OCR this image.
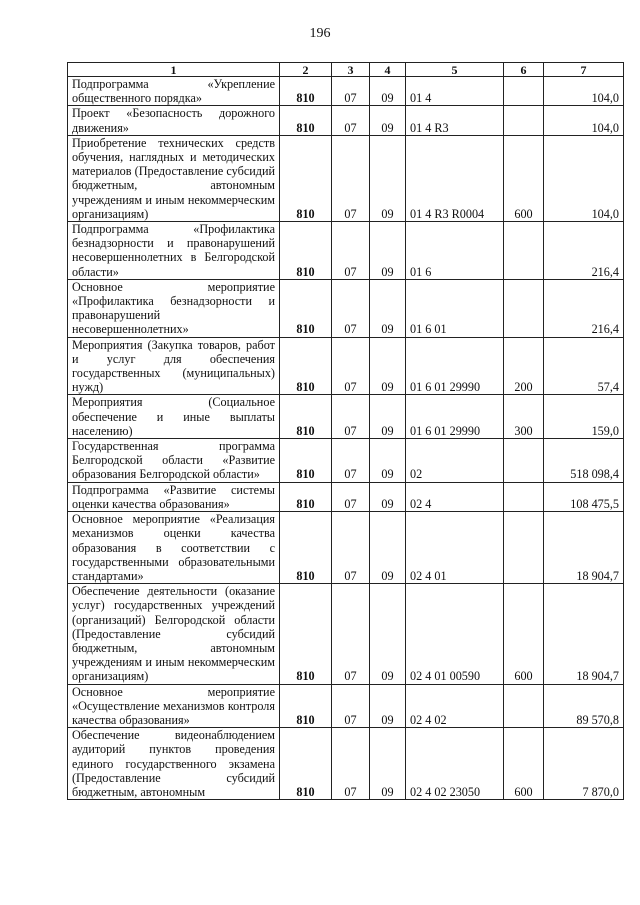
196
1	2	3	4	5	6	7
Подпрограмма «Укрепление общественного порядка»	810	07	09	01 4		104,0
Проект «Безопасность дорожного движения»	810	07	09	01 4 R3		104,0
Приобретение технических средств обучения, наглядных и методических материалов (Предоставление субсидий бюджетным, автономным учреждениям и иным некоммерческим организациям)	810	07	09	01 4 R3 R0004	600	104,0
Подпрограмма «Профилактика безнадзорности и правонарушений несовершеннолетних в Белгородской области»	810	07	09	01 6		216,4
Основное мероприятие «Профилактика безнадзорности и правонарушений несовершеннолетних»	810	07	09	01 6 01		216,4
Мероприятия (Закупка товаров, работ и услуг для обеспечения государственных (муниципальных) нужд)	810	07	09	01 6 01 29990	200	57,4
Мероприятия (Социальное обеспечение и иные выплаты населению)	810	07	09	01 6 01 29990	300	159,0
Государственная программа Белгородской области «Развитие образования Белгородской области»	810	07	09	02		518 098,4
Подпрограмма «Развитие системы оценки качества образования»	810	07	09	02 4		108 475,5
Основное мероприятие «Реализация механизмов оценки качества образования в соответствии с государственными образовательными стандартами»	810	07	09	02 4 01		18 904,7
Обеспечение деятельности (оказание услуг) государственных учреждений (организаций) Белгородской области (Предоставление субсидий бюджетным, автономным учреждениям и иным некоммерческим организациям)	810	07	09	02 4 01 00590	600	18 904,7
Основное мероприятие «Осуществление механизмов контроля качества образования»	810	07	09	02 4 02		89 570,8
Обеспечение видеонаблюдением аудиторий пунктов проведения единого государственного экзамена (Предоставление субсидий бюджетным, автономным	810	07	09	02 4 02 23050	600	7 870,0
